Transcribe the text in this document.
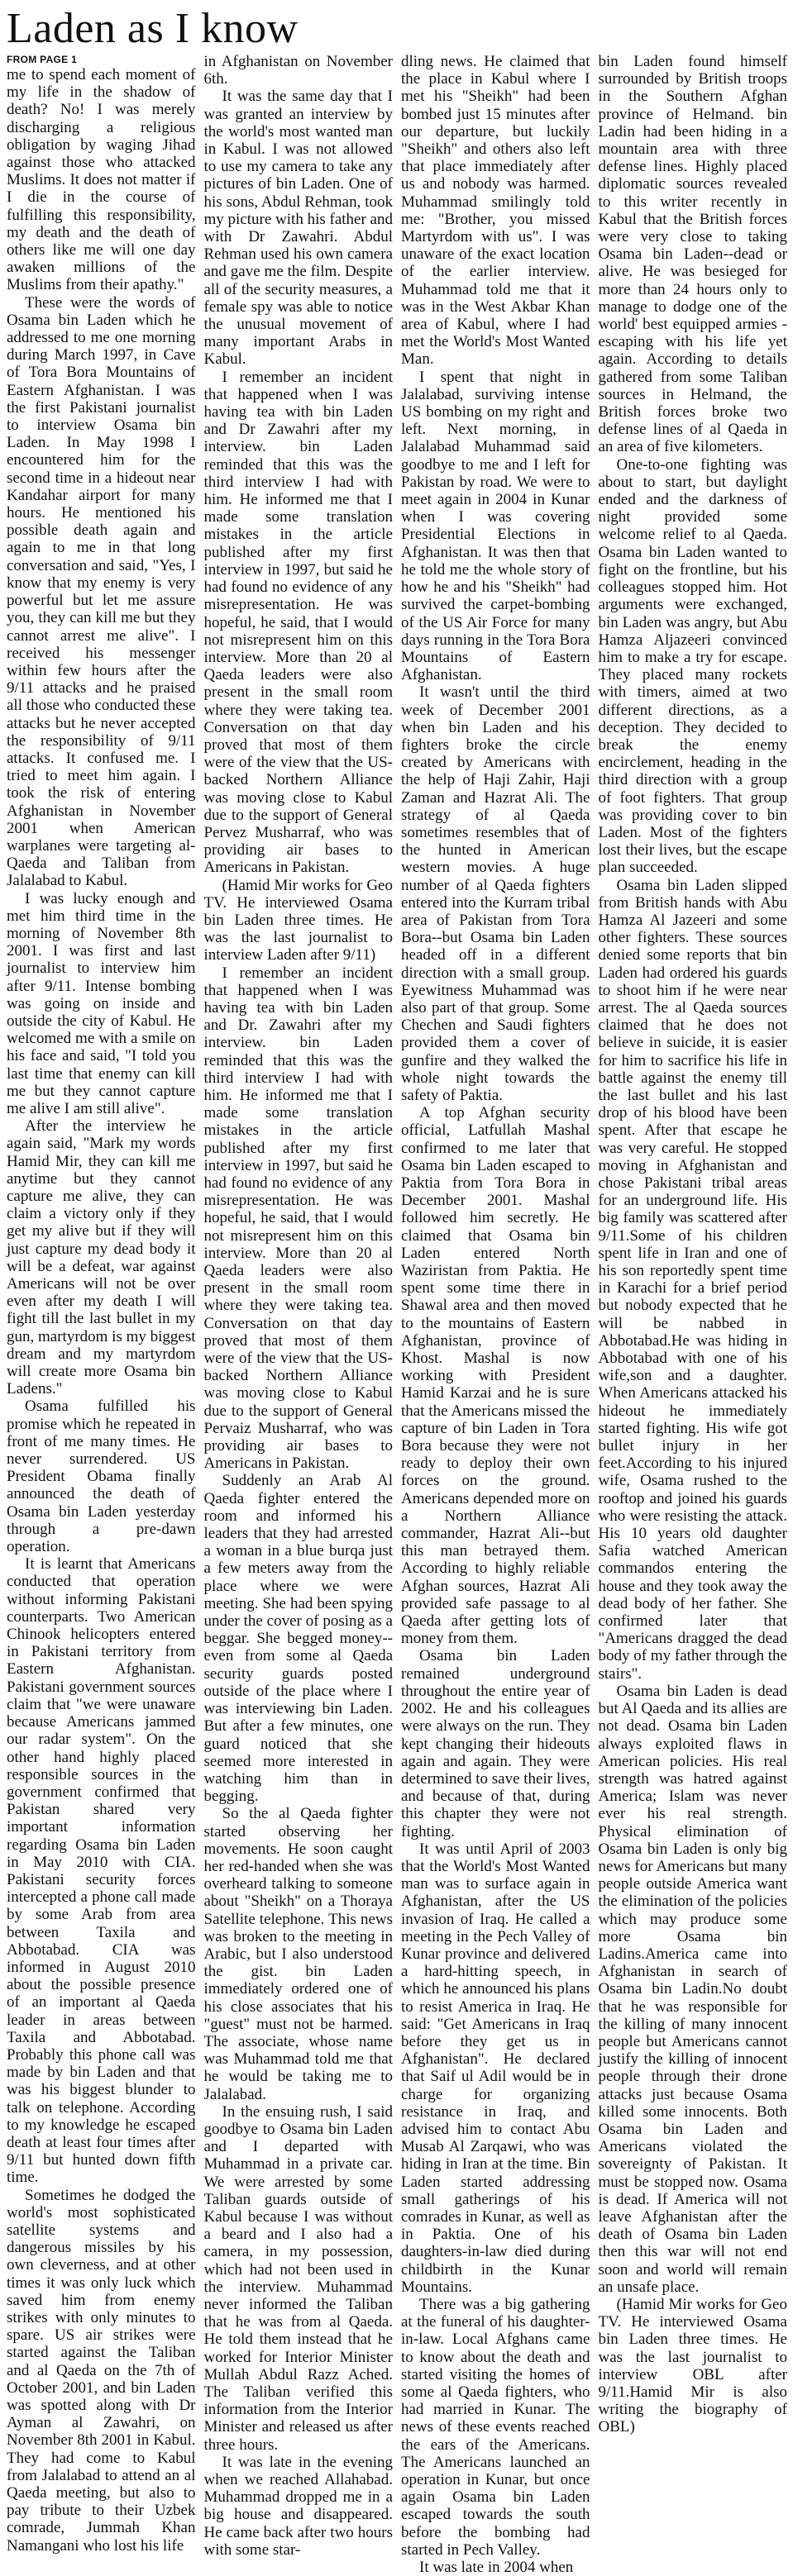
Laden as I know
FROM PAGE 1

me to spend each moment of my life in the shadow of death? No! I was merely discharging a religious obligation by waging Jihad against those who attacked Muslims. It does not matter if I die in the course of fulfilling this responsibility, my death and the death of others like me will one day awaken millions of the Muslims from their apathy."

These were the words of Osama bin Laden which he addressed to me one morning during March 1997, in Cave of Tora Bora Mountains of Eastern Afghanistan. I was the first Pakistani journalist to interview Osama bin Laden. In May 1998 I encountered him for the second time in a hideout near Kandahar airport for many hours. He mentioned his possible death again and again to me in that long conversation and said, "Yes, I know that my enemy is very powerful but let me assure you, they can kill me but they cannot arrest me alive". I received his messenger within few hours after the 9/11 attacks and he praised all those who conducted these attacks but he never accepted the responsibility of 9/11 attacks. It confused me. I tried to meet him again. I took the risk of entering Afghanistan in November 2001 when American warplanes were targeting al-Qaeda and Taliban from Jalalabad to Kabul.

I was lucky enough and met him third time in the morning of November 8th 2001. I was first and last journalist to interview him after 9/11. Intense bombing was going on inside and outside the city of Kabul. He welcomed me with a smile on his face and said, "I told you last time that enemy can kill me but they cannot capture me alive I am still alive".

After the interview he again said, "Mark my words Hamid Mir, they can kill me anytime but they cannot capture me alive, they can claim a victory only if they get my alive but if they will just capture my dead body it will be a defeat, war against Americans will not be over even after my death I will fight till the last bullet in my gun, martyrdom is my biggest dream and my martyrdom will create more Osama bin Ladens."

Osama fulfilled his promise which he repeated in front of me many times. He never surrendered. US President Obama finally announced the death of Osama bin Laden yesterday through a pre-dawn operation.

It is learnt that Americans conducted that operation without informing Pakistani counterparts. Two American Chinook helicopters entered in Pakistani territory from Eastern Afghanistan. Pakistani government sources claim that "we were unaware because Americans jammed our radar system". On the other hand highly placed responsible sources in the government confirmed that Pakistan shared very important information regarding Osama bin Laden in May 2010 with CIA. Pakistani security forces intercepted a phone call made by some Arab from area between Taxila and Abbotabad. CIA was informed in August 2010 about the possible presence of an important al Qaeda leader in areas between Taxila and Abbotabad. Probably this phone call was made by bin Laden and that was his biggest blunder to talk on telephone. According to my knowledge he escaped death at least four times after 9/11 but hunted down fifth time.

Sometimes he dodged the world's most sophisticated satellite systems and dangerous missiles by his own cleverness, and at other times it was only luck which saved him from enemy strikes with only minutes to spare. US air strikes were started against the Taliban and al Qaeda on the 7th of October 2001, and bin Laden was spotted along with Dr Ayman al Zawahri, on November 8th 2001 in Kabul. They had come to Kabul from Jalalabad to attend an al Qaeda meeting, but also to pay tribute to their Uzbek comrade, Jummah Khan Namangani who lost his life

in Afghanistan on November 6th.

It was the same day that I was granted an interview by the world's most wanted man in Kabul. I was not allowed to use my camera to take any pictures of bin Laden. One of his sons, Abdul Rehman, took my picture with his father and with Dr Zawahri. Abdul Rehman used his own camera and gave me the film. Despite all of the security measures, a female spy was able to notice the unusual movement of many important Arabs in Kabul.

I remember an incident that happened when I was having tea with bin Laden and Dr Zawahri after my interview. bin Laden reminded that this was the third interview I had with him. He informed me that I made some translation mistakes in the article published after my first interview in 1997, but said he had found no evidence of any misrepresentation. He was hopeful, he said, that I would not misrepresent him on this interview. More than 20 al Qaeda leaders were also present in the small room where they were taking tea. Conversation on that day proved that most of them were of the view that the US-backed Northern Alliance was moving close to Kabul due to the support of General Pervez Musharraf, who was providing air bases to Americans in Pakistan.

(Hamid Mir works for Geo TV. He interviewed Osama bin Laden three times. He was the last journalist to interview Laden after 9/11)

I remember an incident that happened when I was having tea with bin Laden and Dr. Zawahri after my interview. bin Laden reminded that this was the third interview I had with him. He informed me that I made some translation mistakes in the article published after my first interview in 1997, but said he had found no evidence of any misrepresentation. He was hopeful, he said, that I would not misrepresent him on this interview. More than 20 al Qaeda leaders were also present in the small room where they were taking tea. Conversation on that day proved that most of them were of the view that the US-backed Northern Alliance was moving close to Kabul due to the support of General Pervaiz Musharraf, who was providing air bases to Americans in Pakistan.

Suddenly an Arab Al Qaeda fighter entered the room and informed his leaders that they had arrested a woman in a blue burqa just a few meters away from the place where we were meeting. She had been spying under the cover of posing as a beggar. She begged money--even from some al Qaeda security guards posted outside of the place where I was interviewing bin Laden. But after a few minutes, one guard noticed that she seemed more interested in watching him than in begging.

So the al Qaeda fighter started observing her movements. He soon caught her red-handed when she was overheard talking to someone about "Sheikh" on a Thoraya Satellite telephone. This news was broken to the meeting in Arabic, but I also understood the gist. bin Laden immediately ordered one of his close associates that his "guest" must not be harmed. The associate, whose name was Muhammad told me that he would be taking me to Jalalabad.

In the ensuing rush, I said goodbye to Osama bin Laden and I departed with Muhammad in a private car. We were arrested by some Taliban guards outside of Kabul because I was without a beard and I also had a camera, in my possession, which had not been used in the interview. Muhammad never informed the Taliban that he was from al Qaeda. He told them instead that he worked for Interior Minister Mullah Abdul Razz Ached. The Taliban verified this information from the Interior Minister and released us after three hours.

It was late in the evening when we reached Allahabad. Muhammad dropped me in a big house and disappeared. He came back after two hours with some star-

dling news. He claimed that the place in Kabul where I met his "Sheikh" had been bombed just 15 minutes after our departure, but luckily "Sheikh" and others also left that place immediately after us and nobody was harmed. Muhammad smilingly told me: "Brother, you missed Martyrdom with us". I was unaware of the exact location of the earlier interview. Muhammad told me that it was in the West Akbar Khan area of Kabul, where I had met the World's Most Wanted Man.

I spent that night in Jalalabad, surviving intense US bombing on my right and left. Next morning, in Jalalabad Muhammad said goodbye to me and I left for Pakistan by road. We were to meet again in 2004 in Kunar when I was covering Presidential Elections in Afghanistan. It was then that he told me the whole story of how he and his "Sheikh" had survived the carpet-bombing of the US Air Force for many days running in the Tora Bora Mountains of Eastern Afghanistan.

It wasn't until the third week of December 2001 when bin Laden and his fighters broke the circle created by Americans with the help of Haji Zahir, Haji Zaman and Hazrat Ali. The strategy of al Qaeda sometimes resembles that of the hunted in American western movies. A huge number of al Qaeda fighters entered into the Kurram tribal area of Pakistan from Tora Bora--but Osama bin Laden headed off in a different direction with a small group. Eyewitness Muhammad was also part of that group. Some Chechen and Saudi fighters provided them a cover of gunfire and they walked the whole night towards the safety of Paktia.

A top Afghan security official, Latfullah Mashal confirmed to me later that Osama bin Laden escaped to Paktia from Tora Bora in December 2001. Mashal followed him secretly. He claimed that Osama bin Laden entered North Waziristan from Paktia. He spent some time there in Shawal area and then moved to the mountains of Eastern Afghanistan, province of Khost. Mashal is now working with President Hamid Karzai and he is sure that the Americans missed the capture of bin Laden in Tora Bora because they were not ready to deploy their own forces on the ground. Americans depended more on a Northern Alliance commander, Hazrat Ali--but this man betrayed them. According to highly reliable Afghan sources, Hazrat Ali provided safe passage to al Qaeda after getting lots of money from them.

Osama bin Laden remained underground throughout the entire year of 2002. He and his colleagues were always on the run. They kept changing their hideouts again and again. They were determined to save their lives, and because of that, during this chapter they were not fighting.

It was until April of 2003 that the World's Most Wanted man was to surface again in Afghanistan, after the US invasion of Iraq. He called a meeting in the Pech Valley of Kunar province and delivered a hard-hitting speech, in which he announced his plans to resist America in Iraq. He said: "Get Americans in Iraq before they get us in Afghanistan". He declared that Saif ul Adil would be in charge for organizing resistance in Iraq, and advised him to contact Abu Musab Al Zarqawi, who was hiding in Iran at the time. Bin Laden started addressing small gatherings of his comrades in Kunar, as well as in Paktia. One of his daughters-in-law died during childbirth in the Kunar Mountains.

There was a big gathering at the funeral of his daughter-in-law. Local Afghans came to know about the death and started visiting the homes of some al Qaeda fighters, who had married in Kunar. The news of these events reached the ears of the Americans. The Americans launched an operation in Kunar, but once again Osama bin Laden escaped towards the south before the bombing had started in Pech Valley.

It was late in 2004 when

bin Laden found himself surrounded by British troops in the Southern Afghan province of Helmand. bin Ladin had been hiding in a mountain area with three defense lines. Highly placed diplomatic sources revealed to this writer recently in Kabul that the British forces were very close to taking Osama bin Laden--dead or alive. He was besieged for more than 24 hours only to manage to dodge one of the world' best equipped armies - escaping with his life yet again. According to details gathered from some Taliban sources in Helmand, the British forces broke two defense lines of al Qaeda in an area of five kilometers.

One-to-one fighting was about to start, but daylight ended and the darkness of night provided some welcome relief to al Qaeda. Osama bin Laden wanted to fight on the frontline, but his colleagues stopped him. Hot arguments were exchanged, bin Laden was angry, but Abu Hamza Aljazeeri convinced him to make a try for escape. They placed many rockets with timers, aimed at two different directions, as a deception. They decided to break the enemy encirclement, heading in the third direction with a group of foot fighters. That group was providing cover to bin Laden. Most of the fighters lost their lives, but the escape plan succeeded.

Osama bin Laden slipped from British hands with Abu Hamza Al Jazeeri and some other fighters. These sources denied some reports that bin Laden had ordered his guards to shoot him if he were near arrest. The al Qaeda sources claimed that he does not believe in suicide, it is easier for him to sacrifice his life in battle against the enemy till the last bullet and his last drop of his blood have been spent. After that escape he was very careful. He stopped moving in Afghanistan and chose Pakistani tribal areas for an underground life. His big family was scattered after 9/11.Some of his children spent life in Iran and one of his son reportedly spent time in Karachi for a brief period but nobody expected that he will be nabbed in Abbotabad.He was hiding in Abbotabad with one of his wife,son and a daughter. When Americans attacked his hideout he immediately started fighting. His wife got bullet injury in her feet.According to his injured wife, Osama rushed to the rooftop and joined his guards who were resisting the attack. His 10 years old daughter Safia watched American commandos entering the house and they took away the dead body of her father. She confirmed later that "Americans dragged the dead body of my father through the stairs".

Osama bin Laden is dead but Al Qaeda and its allies are not dead. Osama bin Laden always exploited flaws in American policies. His real strength was hatred against America; Islam was never ever his real strength. Physical elimination of Osama bin Laden is only big news for Americans but many people outside America want the elimination of the policies which may produce some more Osama bin Ladins.America came into Afghanistan in search of Osama bin Ladin.No doubt that he was responsible for the killing of many innocent people but Americans cannot justify the killing of innocent people through their drone attacks just because Osama killed some innocents. Both Osama bin Laden and Americans violated the sovereignty of Pakistan. It must be stopped now. Osama is dead. If America will not leave Afghanistan after the death of Osama bin Laden then this war will not end soon and world will remain an unsafe place.

(Hamid Mir works for Geo TV. He interviewed Osama bin Laden three times. He was the last journalist to interview OBL after 9/11.Hamid Mir is also writing the biography of OBL)
